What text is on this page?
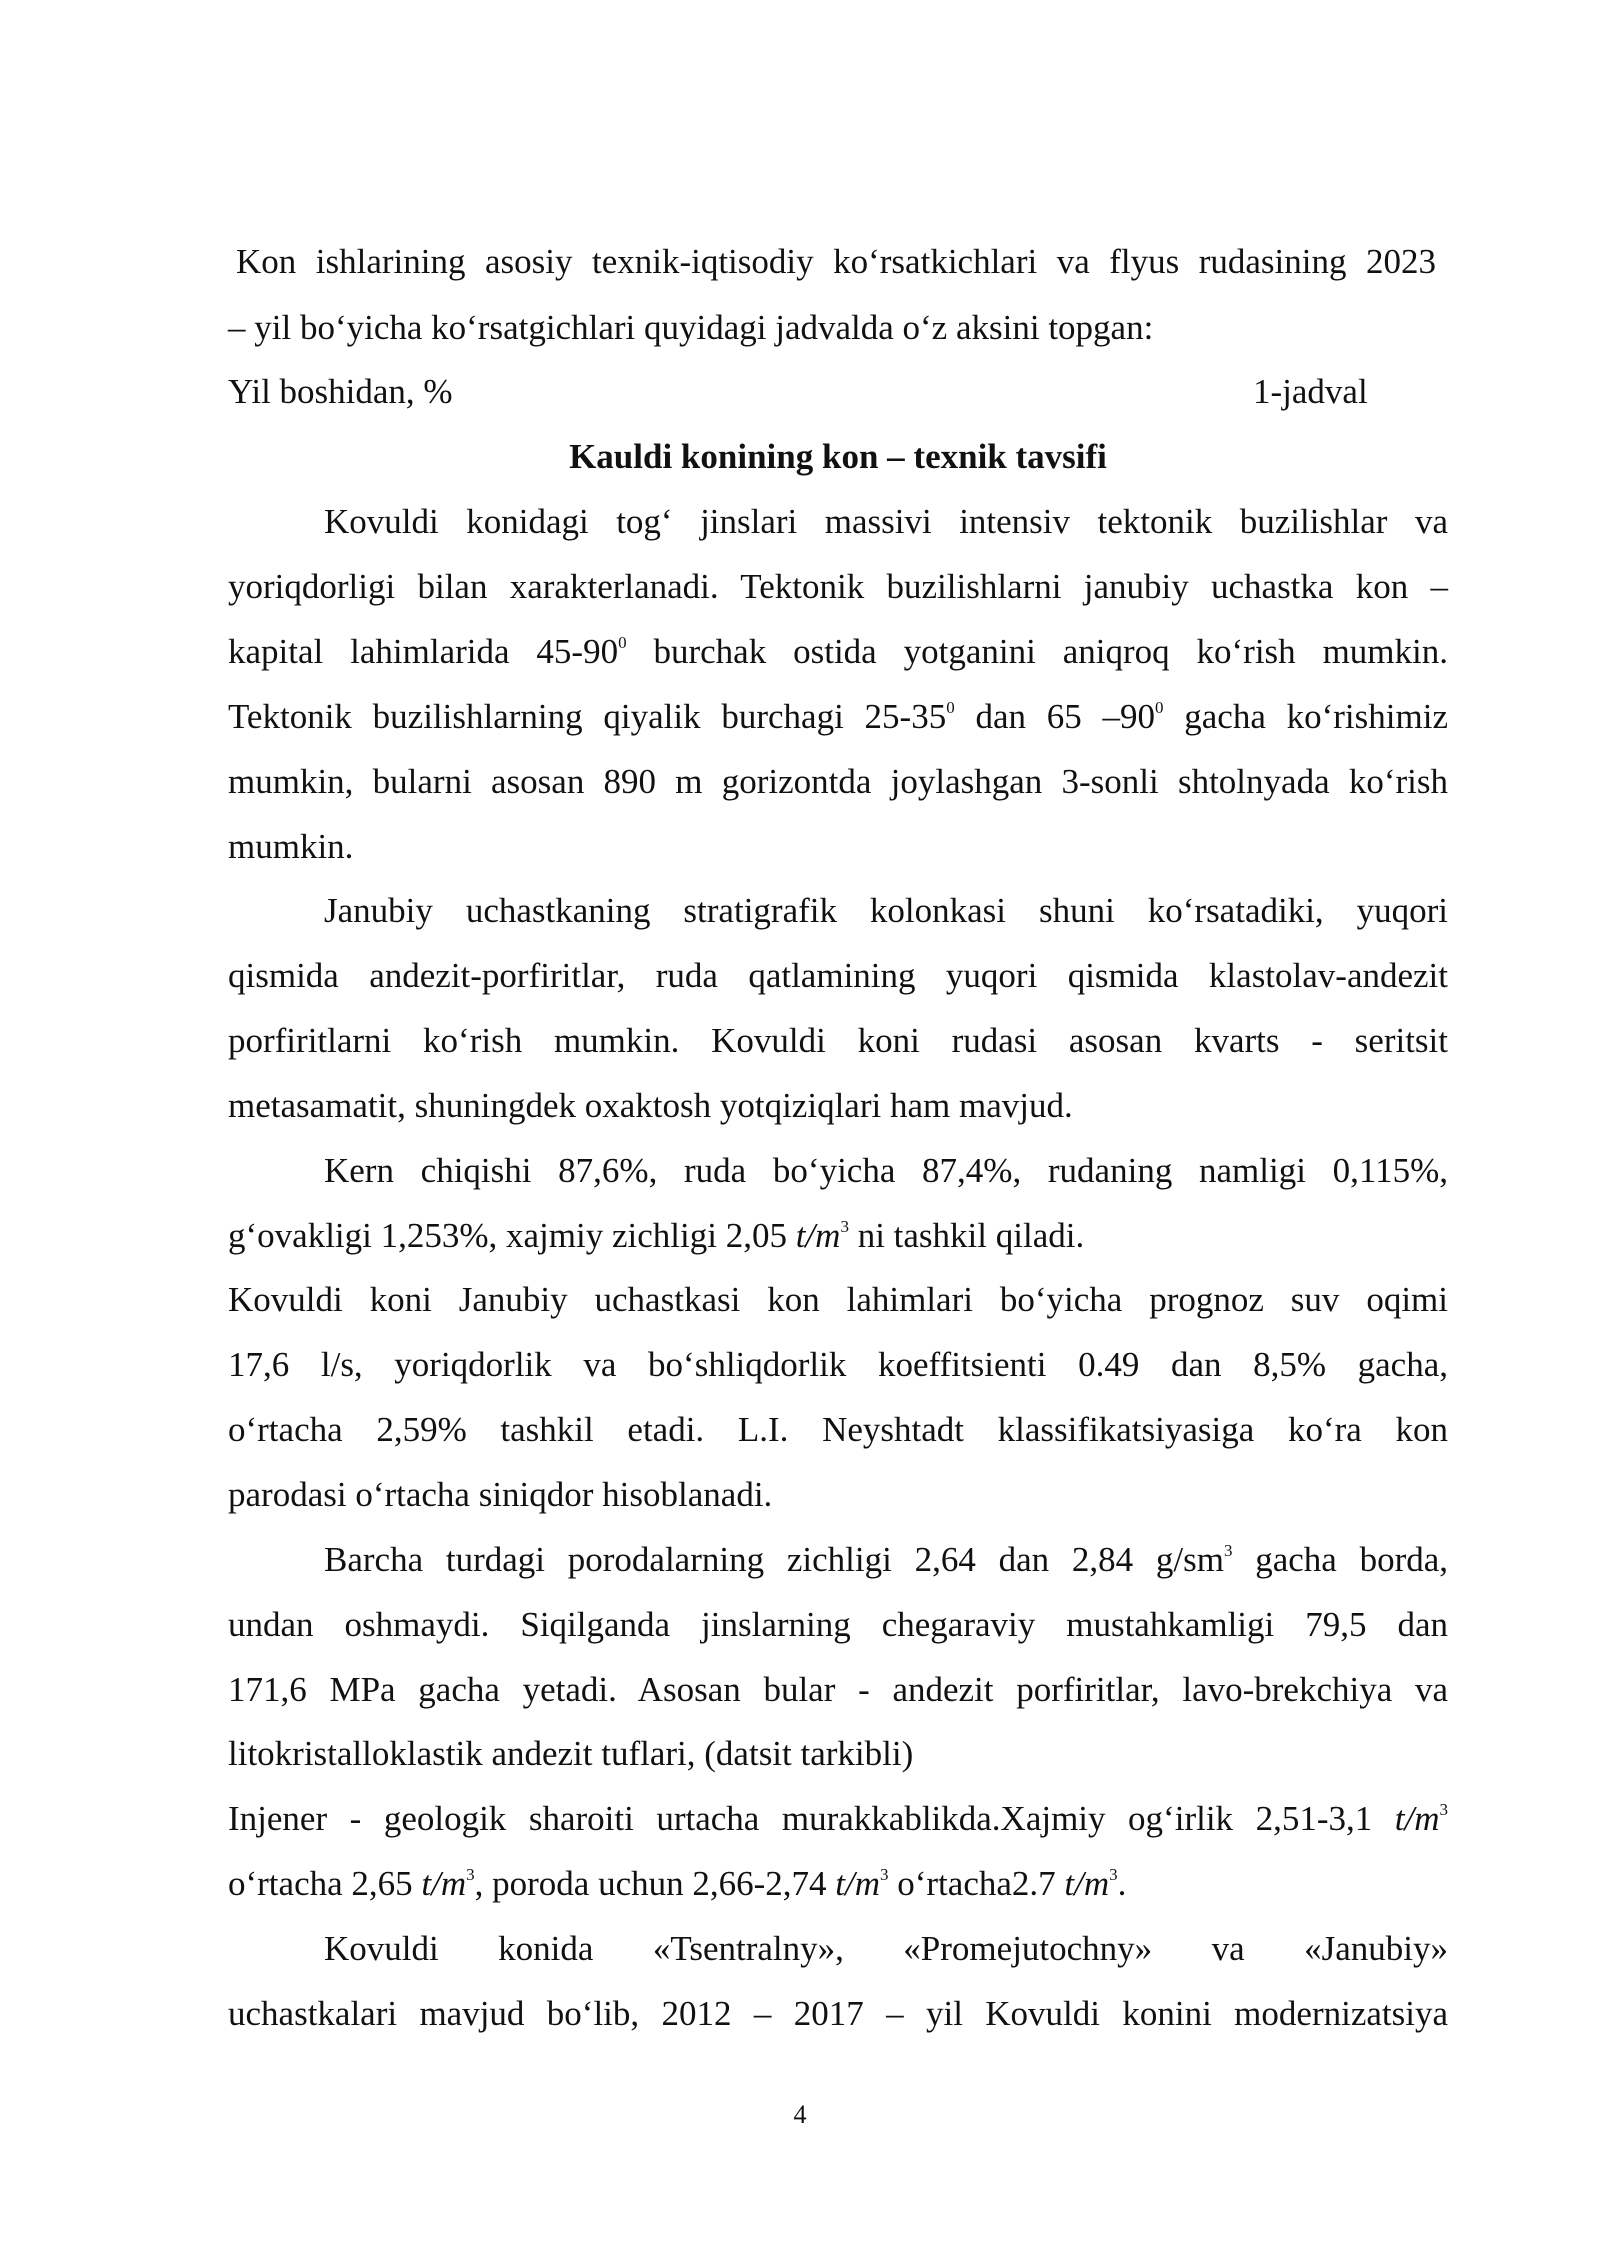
Kon ishlarining asosiy texnik-iqtisodiy koʻrsatkichlari va flyus rudasining 2023
– yil boʻyicha koʻrsatgichlari quyidagi jadvalda oʻz aksini topgan:
Yil boshidan, %	1-jadval
Kauldi konining kon – texnik tavsifi
Kovuldi konidagi togʻ jinslari massivi intensiv tektonik buzilishlar va
yoriqdorligi bilan xarakterlanadi. Tektonik buzilishlarni janubiy uchastka kon –
kapital lahimlarida $45-90^0$ burchak ostida yotganini aniqroq koʻrish mumkin.
Tektonik buzilishlarning qiyalik burchagi $25-35^0$ dan 65 $-90^0$ gacha koʻrishimiz
mumkin, bularni asosan 890 m gorizontda joylashgan 3-sonli shtolnyada koʻrish
mumkin.
Janubiy uchastkaning stratigrafik kolonkasi shuni koʻrsatadiki, yuqori
qismida andezit-porfiritlar, ruda qatlamining yuqori qismida klastolav-andezit
porfiritlarni koʻrish mumkin. Kovuldi koni rudasi asosan kvarts - seritsit
metasamatit, shuningdek oxaktosh yotqiziqlari ham mavjud.
Kern chiqishi 87,6%, ruda boʻyicha 87,4%, rudaning namligi 0,115%,
gʻovakligi 1,253%, xajmiy zichligi 2,05 $t/m^3$ ni tashkil qiladi.
Kovuldi koni Janubiy uchastkasi kon lahimlari boʻyicha prognoz suv oqimi
17,6 l/s, yoriqdorlik va boʻshliqdorlik koeffitsienti 0.49 dan 8,5% gacha,
oʻrtacha 2,59% tashkil etadi. L.I. Neyshtadt klassifikatsiyasiga koʻra kon
parodasi oʻrtacha siniqdor hisoblanadi.
Barcha turdagi porodalarning zichligi 2,64 dan 2,84 $g/sm^3$ gacha borda,
undan oshmaydi. Siqilganda jinslarning chegaraviy mustahkamligi 79,5 dan
171,6 MPa gacha yetadi. Asosan bular - andezit porfiritlar, lavo-brekchiya va
litokristalloklastik andezit tuflari, (datsit tarkibli)
Injener - geologik sharoiti urtacha murakkablikda.Xajmiy ogʻirlik 2,51-3,1 $t/m^3$
oʻrtacha 2,65 $t/m^3$, poroda uchun 2,66-2,74 $t/m^3$ oʻrtacha2.7 $t/m^3$.
Kovuldi konida «Tsentralny», «Promejutochny» va «Janubiy»
uchastkalari mavjud boʻlib, 2012 – 2017 – yil Kovuldi konini modernizatsiya
4
